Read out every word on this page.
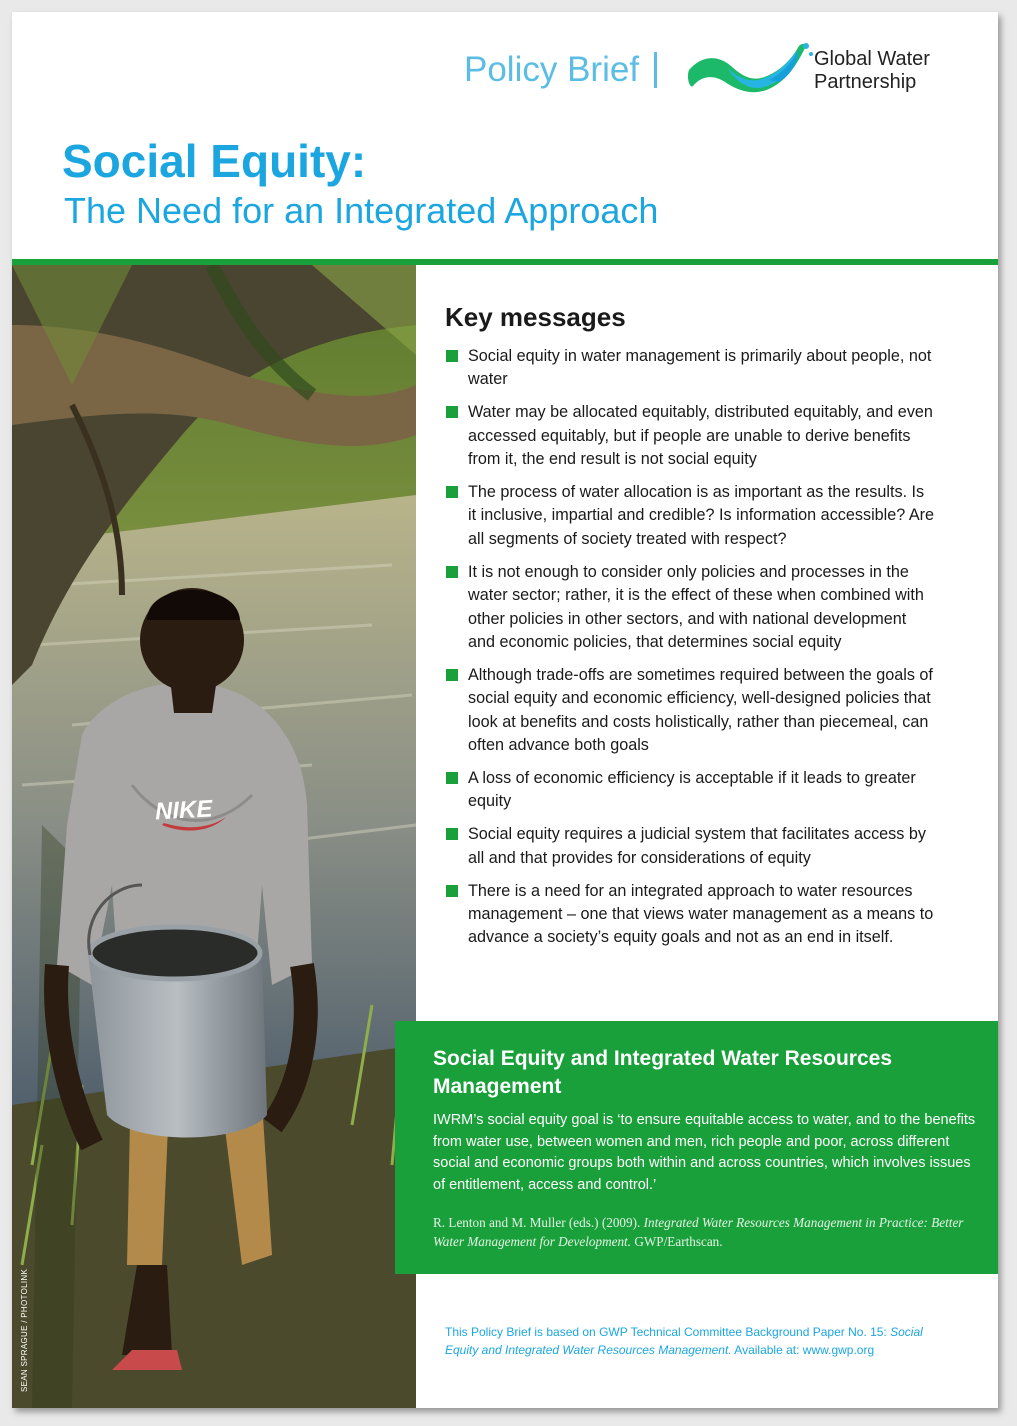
Policy Brief	Global Water
Partnership
Social Equity:
The Need for an Integrated Approach
NIKE
SEAN SPRAGUE / PHOTOLINK
Key messages
Social equity in water management is primarily about people, not water
Water may be allocated equitably, distributed equitably, and even accessed equitably, but if people are unable to derive benefits from it, the end result is not social equity
The process of water allocation is as important as the results. Is it inclusive, impartial and credible? Is information accessible? Are all segments of society treated with respect?
It is not enough to consider only policies and processes in the water sector; rather, it is the effect of these when combined with other policies in other sectors, and with national development and economic policies, that determines social equity
Although trade-offs are sometimes required between the goals of social equity and economic efficiency, well-designed policies that look at benefits and costs holistically, rather than piecemeal, can often advance both goals
A loss of economic efficiency is acceptable if it leads to greater equity
Social equity requires a judicial system that facilitates access by all and that provides for considerations of equity
There is a need for an integrated approach to water resources management – one that views water management as a means to advance a society’s equity goals and not as an end in itself.
Social Equity and Integrated Water Resources Management
IWRM’s social equity goal is ‘to ensure equitable access to water, and to the benefits from water use, between women and men, rich people and poor, across different social and economic groups both within and across countries, which involves issues of entitlement, access and control.’
R. Lenton and M. Muller (eds.) (2009). Integrated Water Resources Management in Practice: Better Water Management for Development. GWP/Earthscan.
This Policy Brief is based on GWP Technical Committee Background Paper No. 15: Social Equity and Integrated Water Resources Management. Available at: www.gwp.org
